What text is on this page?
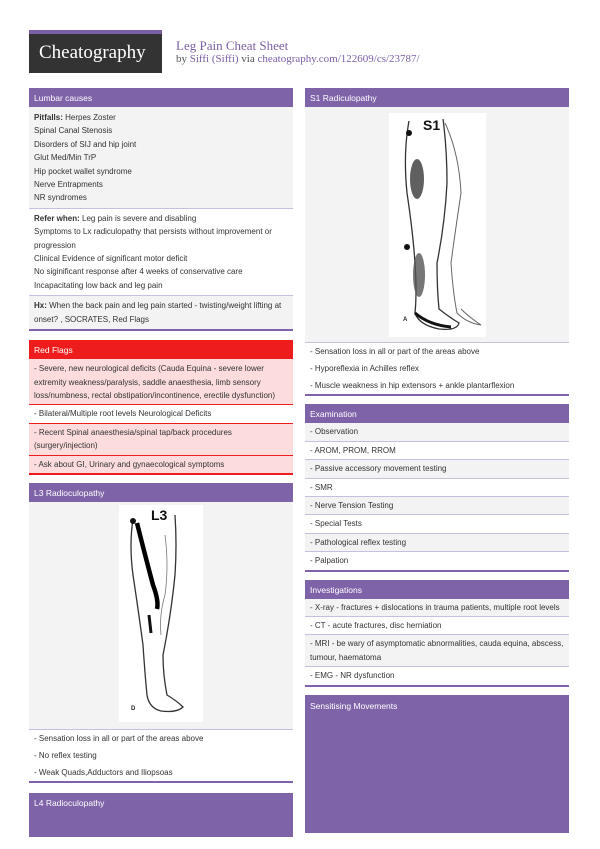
Cheatography Leg Pain Cheat Sheet
by Siffi (Siffi) via cheatography.com/122609/cs/23787/
Lumbar causes
Pitfalls: Herpes Zoster
Spinal Canal Stenosis
Disorders of SIJ and hip joint
Glut Med/Min TrP
Hip pocket wallet syndrome
Nerve Entrapments
NR syndromes
Refer when: Leg pain is severe and disabling
Symptoms to Lx radiculopathy that persists without improvement or progression
Clinical Evidence of significant motor deficit
No siginificant response after 4 weeks of conservative care
Incapacitating low back and leg pain
Hx: When the back pain and leg pain started - twisting/weight lifting at onset? , SOCRATES, Red Flags
Red Flags
- Severe, new neurological deficits (Cauda Equina - severe lower extremity weakness/paralysis, saddle anaesthesia, limb sensory loss/numbness, rectal obstipation/incontinence, erectile dysfunction)
- Bilateral/Multiple root levels Neurological Deficits
- Recent Spinal anaesthesia/spinal tap/back procedures (surgery/injection)
- Ask about GI, Urinary and gynaecological symptoms
L3 Radioculopathy
L3
D
- Sensation loss in all or part of the areas above
- No reflex testing
- Weak Quads,Adductors and Iliopsoas
L4 Radioculopathy
S1 Radiculopathy
S1
A
- Sensation loss in all or part of the areas above
- Hyporeflexia in Achilles reflex
- Muscle weakness in hip extensors + ankle plantarflexion
Examination
- Observation
- AROM, PROM, RROM
- Passive accessory movement testing
- SMR
- Nerve Tension Testing
- Special Tests
- Pathological reflex testing
- Palpation
Investigations
- X-ray - fractures + dislocations in trauma patients, multiple root levels
- CT - acute fractures, disc herniation
- MRI - be wary of asymptomatic abnormalities, cauda equina, abscess, tumour, haematoma
- EMG - NR dysfunction
Sensitising Movements
